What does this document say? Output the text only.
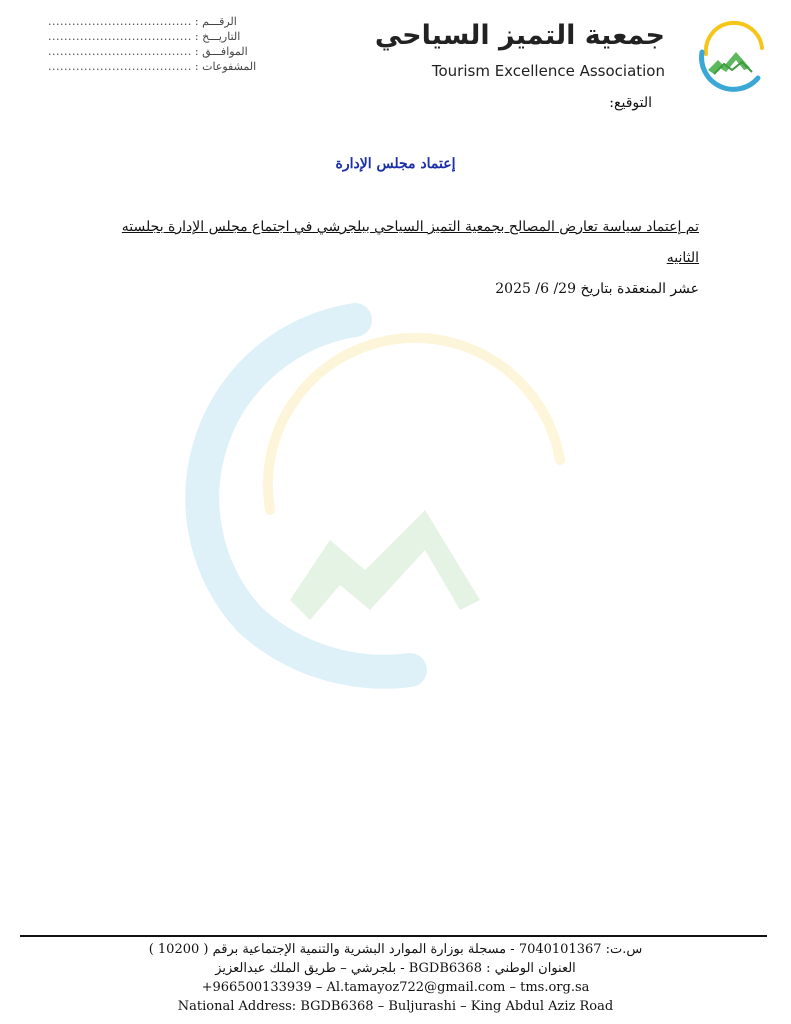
.................................... الرقـــم :
.................................... التاريـــخ :
.................................... الموافـــق :
.................................... المشفوعات :
جمعية التميز السياحي
Tourism Excellence Association
التوقيع:
إعتماد مجلس الإدارة

تم إعتماد سياسة تعارض المصالح بجمعية التميز السياحي ببلجرشي في اجتماع مجلس الإدارة بجلسته الثانيه

عشر المنعقدة بتاريخ 29/ 6/ 2025

س.ت: 7040101367 - مسجلة بوزارة الموارد البشرية والتنمية الإجتماعية برقم ( 10200 )
العنوان الوطني : BGDB6368 - بلجرشي – طريق الملك عبدالعزيز
+966500133939 – Al.tamayoz722@gmail.com – tms.org.sa
National Address: BGDB6368 – Buljurashi – King Abdul Aziz Road
